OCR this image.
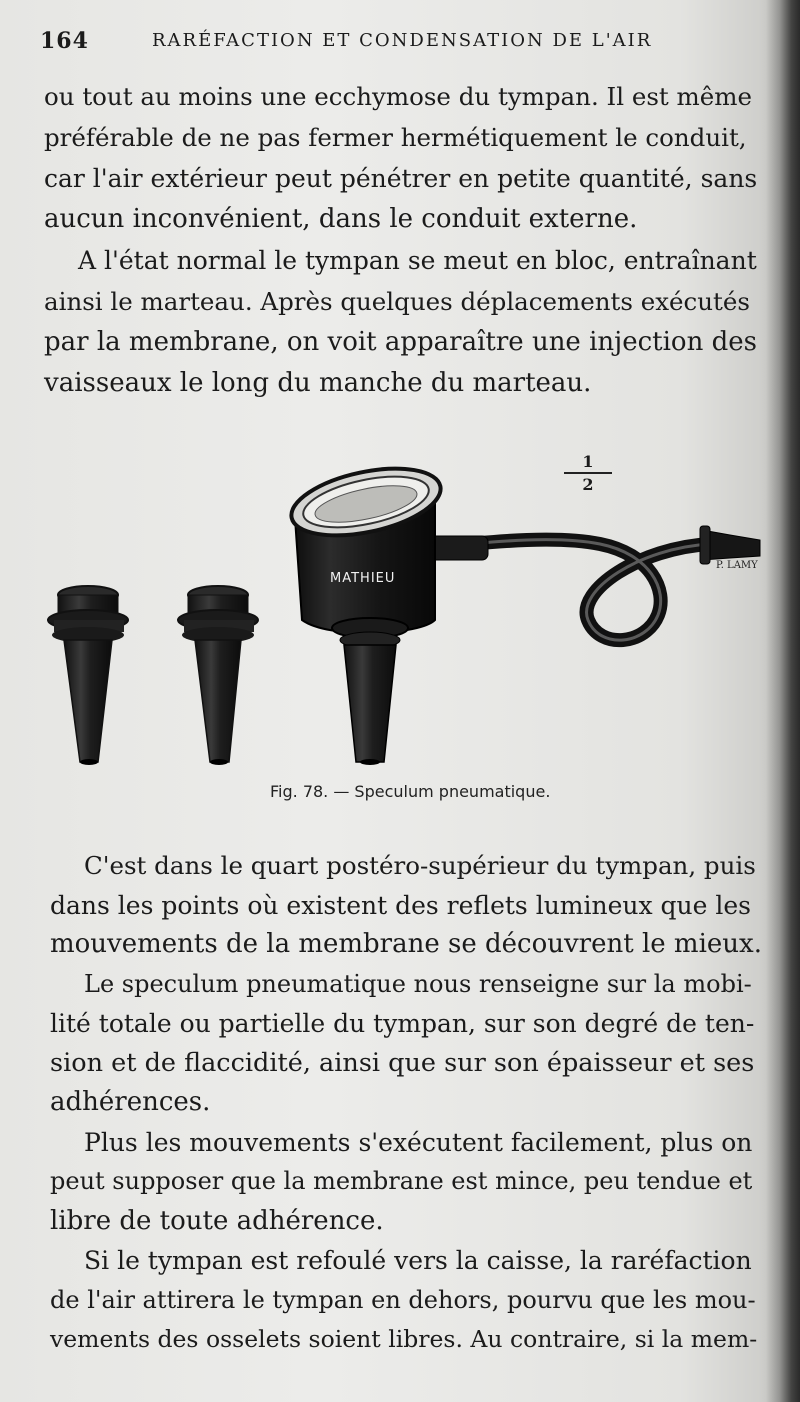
164	RARÉFACTION ET CONDENSATION DE L'AIR
ou tout au moins une ecchymose du tympan. Il est même
préférable de ne pas fermer hermétiquement le conduit,
car l'air extérieur peut pénétrer en petite quantité, sans
aucun inconvénient, dans le conduit externe.
A l'état normal le tympan se meut en bloc, entraînant
ainsi le marteau. Après quelques déplacements exécutés
par la membrane, on voit apparaître une injection des
vaisseaux le long du manche du marteau.
1
2
MATHIEU
P. LAMY
Fig. 78. — Speculum pneumatique.
C'est dans le quart postéro-supérieur du tympan, puis
dans les points où existent des reflets lumineux que les
mouvements de la membrane se découvrent le mieux.
Le speculum pneumatique nous renseigne sur la mobi-
lité totale ou partielle du tympan, sur son degré de ten-
sion et de flaccidité, ainsi que sur son épaisseur et ses
adhérences.
Plus les mouvements s'exécutent facilement, plus on
peut supposer que la membrane est mince, peu tendue et
libre de toute adhérence.
Si le tympan est refoulé vers la caisse, la raréfaction
de l'air attirera le tympan en dehors, pourvu que les mou-
vements des osselets soient libres. Au contraire, si la mem-
